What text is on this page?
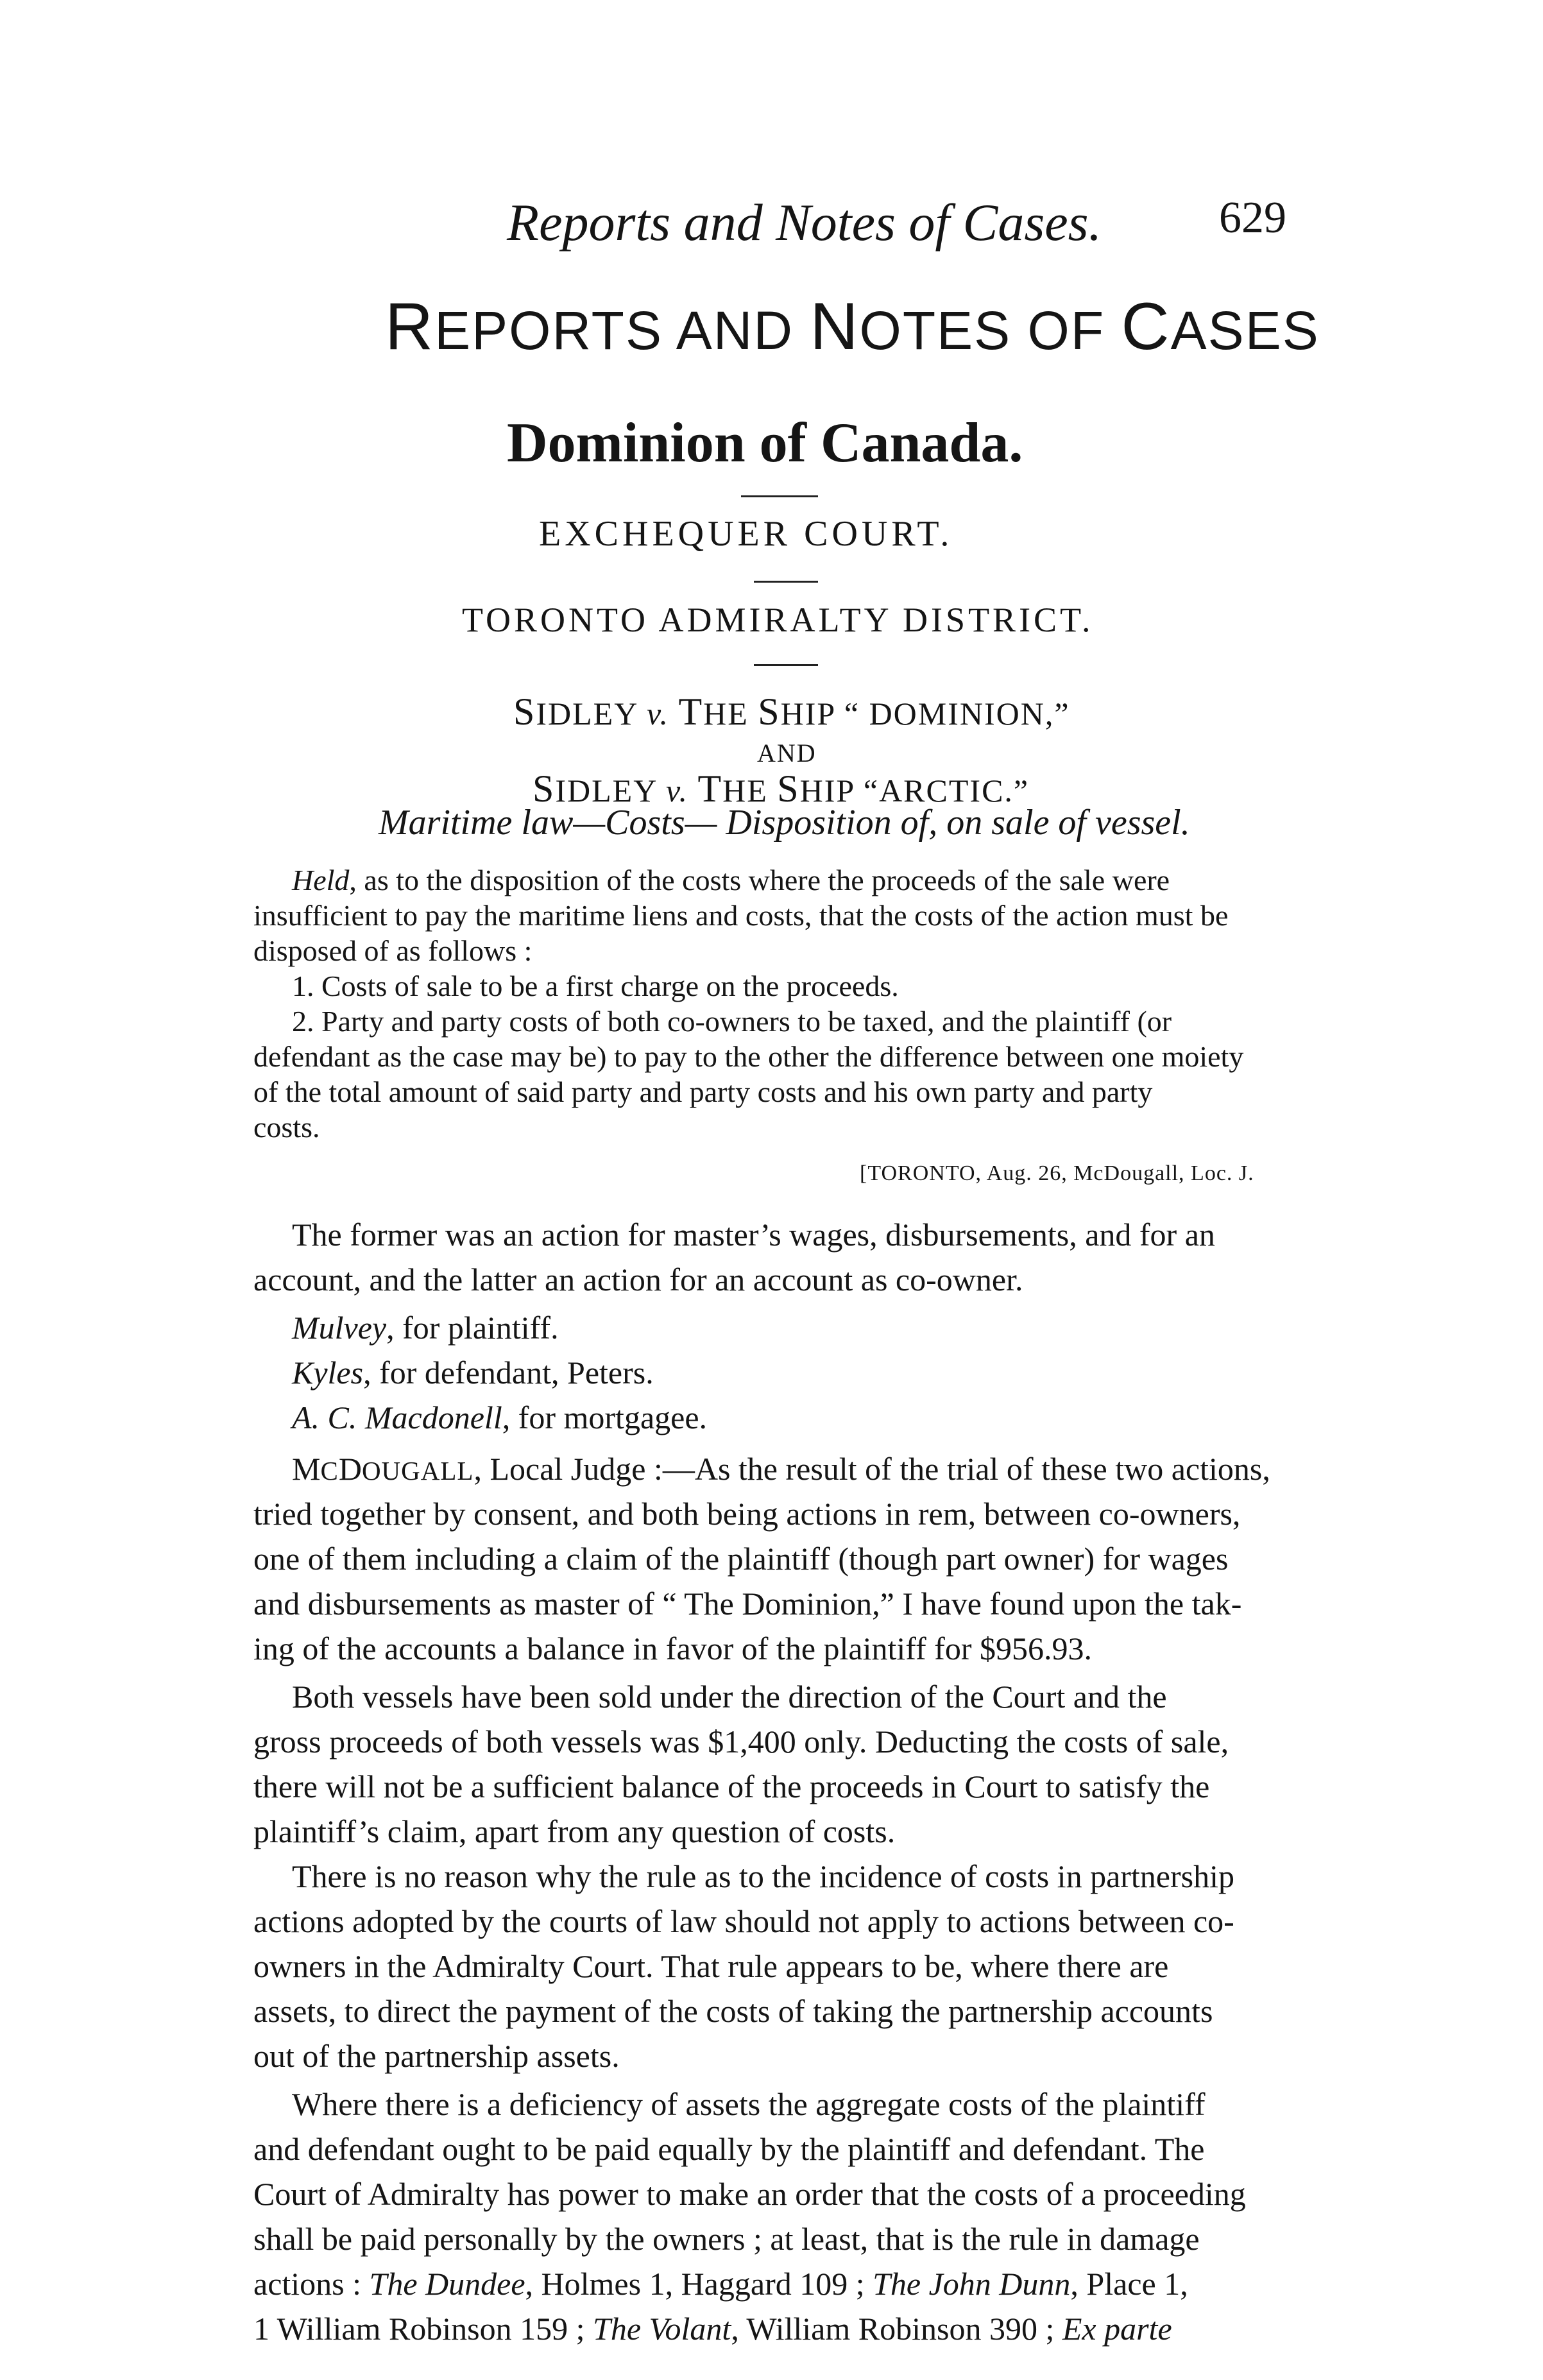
Reports and Notes of Cases.	629
REPORTS AND NOTES OF CASES
Dominion of Canada.
EXCHEQUER COURT.
TORONTO ADMIRALTY DISTRICT.
SIDLEY v. THE SHIP “ DOMINION,”
AND
SIDLEY v. THE SHIP “ARCTIC.”
Maritime law—Costs— Disposition of, on sale of vessel.
Held, as to the disposition of the costs where the proceeds of the sale were
insufficient to pay the maritime liens and costs, that the costs of the action must be
disposed of as follows :
1. Costs of sale to be a first charge on the proceeds.
2. Party and party costs of both co-owners to be taxed, and the plaintiff (or
defendant as the case may be) to pay to the other the difference between one moiety
of the total amount of said party and party costs and his own party and party
costs.
[TORONTO, Aug. 26, McDougall, Loc. J.
The former was an action for master’s wages, disbursements, and for an
account, and the latter an action for an account as co-owner.
Mulvey, for plaintiff.
Kyles, for defendant, Peters.
A. C. Macdonell, for mortgagee.
MCDOUGALL, Local Judge :—As the result of the trial of these two actions,
tried together by consent, and both being actions in rem, between co-owners,
one of them including a claim of the plaintiff (though part owner) for wages
and disbursements as master of “ The Dominion,” I have found upon the tak-
ing of the accounts a balance in favor of the plaintiff for $956.93.
Both vessels have been sold under the direction of the Court and the
gross proceeds of both vessels was $1,400 only. Deducting the costs of sale,
there will not be a sufficient balance of the proceeds in Court to satisfy the
plaintiff’s claim, apart from any question of costs.
There is no reason why the rule as to the incidence of costs in partnership
actions adopted by the courts of law should not apply to actions between co-
owners in the Admiralty Court. That rule appears to be, where there are
assets, to direct the payment of the costs of taking the partnership accounts
out of the partnership assets.
Where there is a deficiency of assets the aggregate costs of the plaintiff
and defendant ought to be paid equally by the plaintiff and defendant. The
Court of Admiralty has power to make an order that the costs of a proceeding
shall be paid personally by the owners ; at least, that is the rule in damage
actions : The Dundee, Holmes 1, Haggard 109 ; The John Dunn, Place 1,
1 William Robinson 159 ; The Volant, William Robinson 390 ; Ex parte
